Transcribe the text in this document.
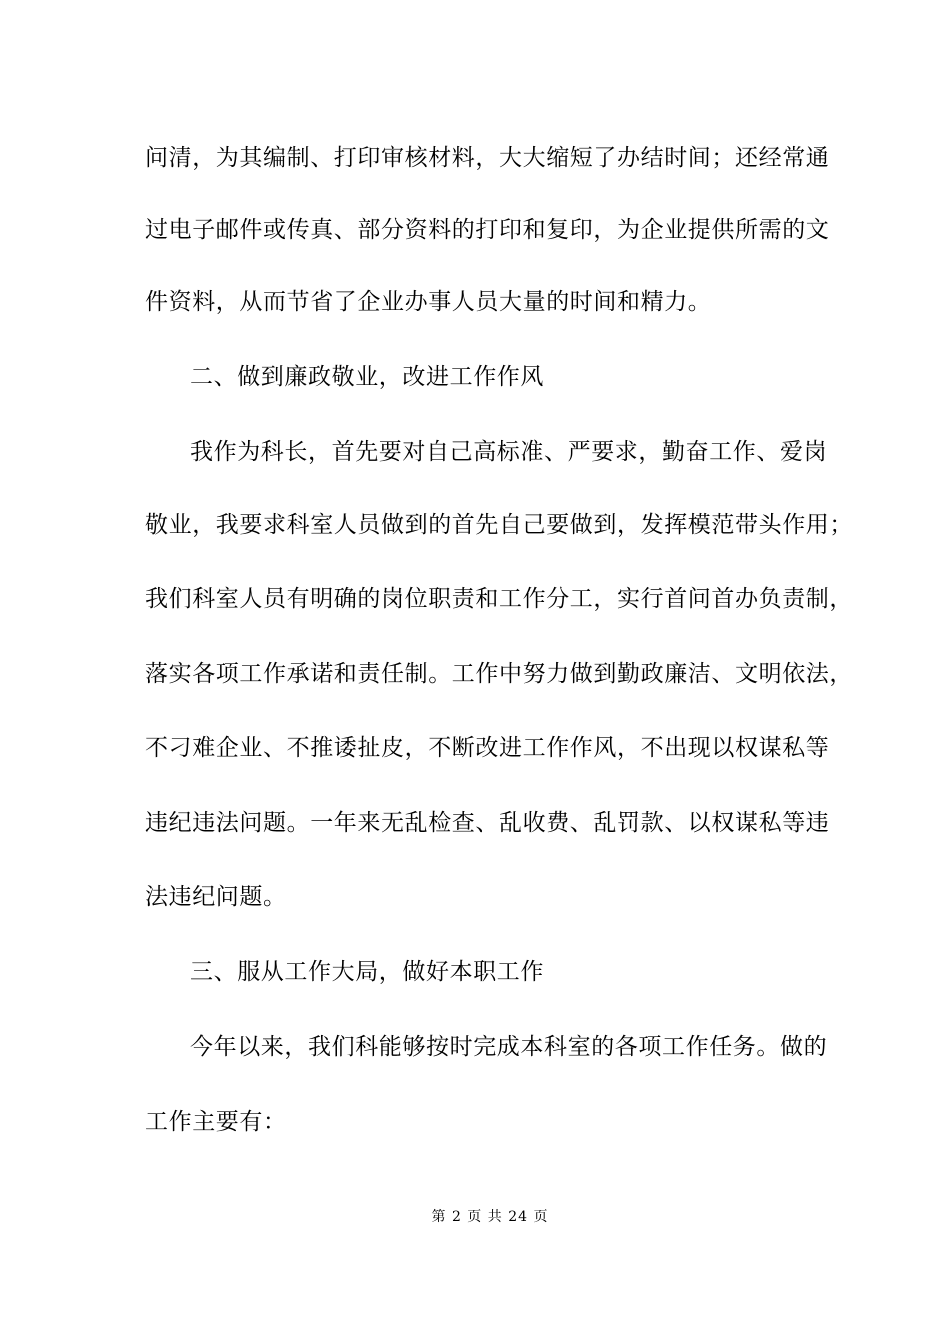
问清，为其编制、打印审核材料，大大缩短了办结时间；还经常通
过电子邮件或传真、部分资料的打印和复印，为企业提供所需的文
件资料，从而节省了企业办事人员大量的时间和精力。
二、做到廉政敬业，改进工作作风
我作为科长，首先要对自己高标准、严要求，勤奋工作、爱岗
敬业，我要求科室人员做到的首先自己要做到，发挥模范带头作用；
我们科室人员有明确的岗位职责和工作分工，实行首问首办负责制，
落实各项工作承诺和责任制。工作中努力做到勤政廉洁、文明依法，
不刁难企业、不推诿扯皮，不断改进工作作风，不出现以权谋私等
违纪违法问题。一年来无乱检查、乱收费、乱罚款、以权谋私等违
法违纪问题。
三、服从工作大局，做好本职工作
今年以来，我们科能够按时完成本科室的各项工作任务。做的
工作主要有：
第 2 页 共 24 页
